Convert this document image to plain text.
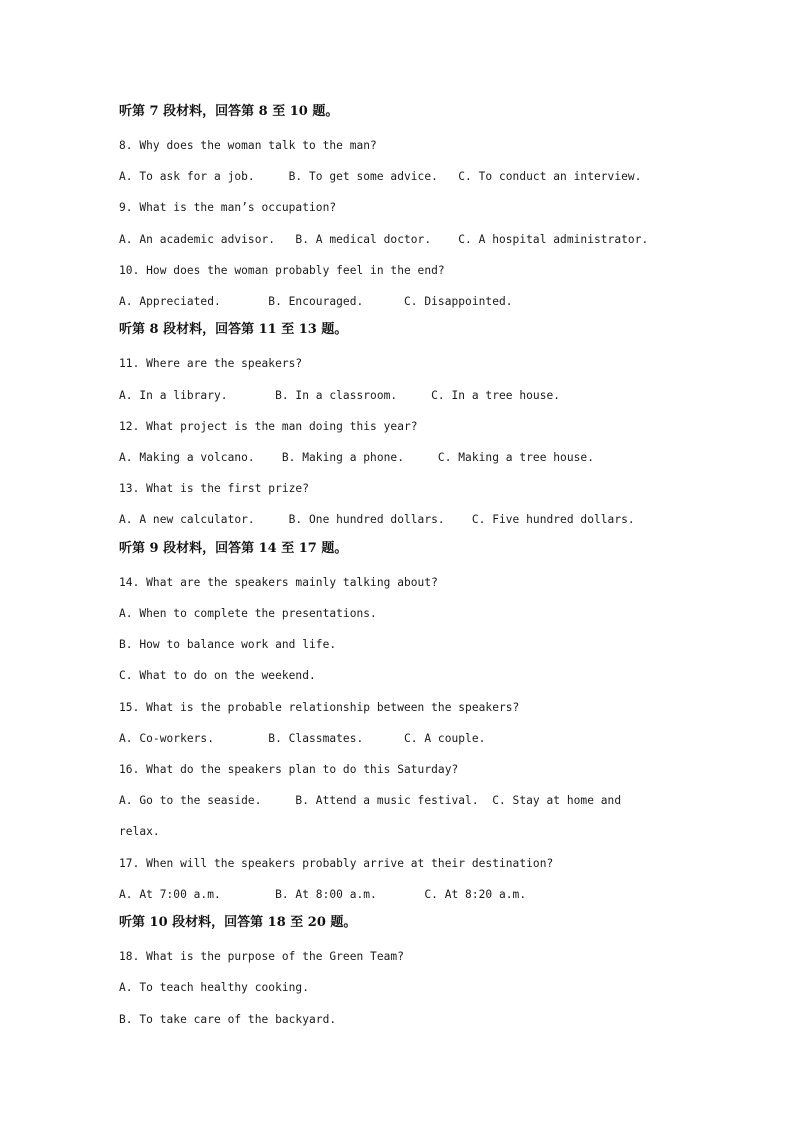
听第 7 段材料，回答第 8 至 10 题。
8. Why does the woman talk to the man?
A. To ask for a job.     B. To get some advice.   C. To conduct an interview.
9. What is the man’s occupation?
A. An academic advisor.   B. A medical doctor.    C. A hospital administrator.
10. How does the woman probably feel in the end?
A. Appreciated.       B. Encouraged.      C. Disappointed.
听第 8 段材料，回答第 11 至 13 题。
11. Where are the speakers?
A. In a library.       B. In a classroom.     C. In a tree house.
12. What project is the man doing this year?
A. Making a volcano.    B. Making a phone.     C. Making a tree house.
13. What is the first prize?
A. A new calculator.     B. One hundred dollars.    C. Five hundred dollars.
听第 9 段材料，回答第 14 至 17 题。
14. What are the speakers mainly talking about?
A. When to complete the presentations.
B. How to balance work and life.
C. What to do on the weekend.
15. What is the probable relationship between the speakers?
A. Co-workers.        B. Classmates.      C. A couple.
16. What do the speakers plan to do this Saturday?
A. Go to the seaside.     B. Attend a music festival.  C. Stay at home and
relax.
17. When will the speakers probably arrive at their destination?
A. At 7:00 a.m.        B. At 8:00 a.m.       C. At 8:20 a.m.
听第 10 段材料，回答第 18 至 20 题。
18. What is the purpose of the Green Team?
A. To teach healthy cooking.
B. To take care of the backyard.
